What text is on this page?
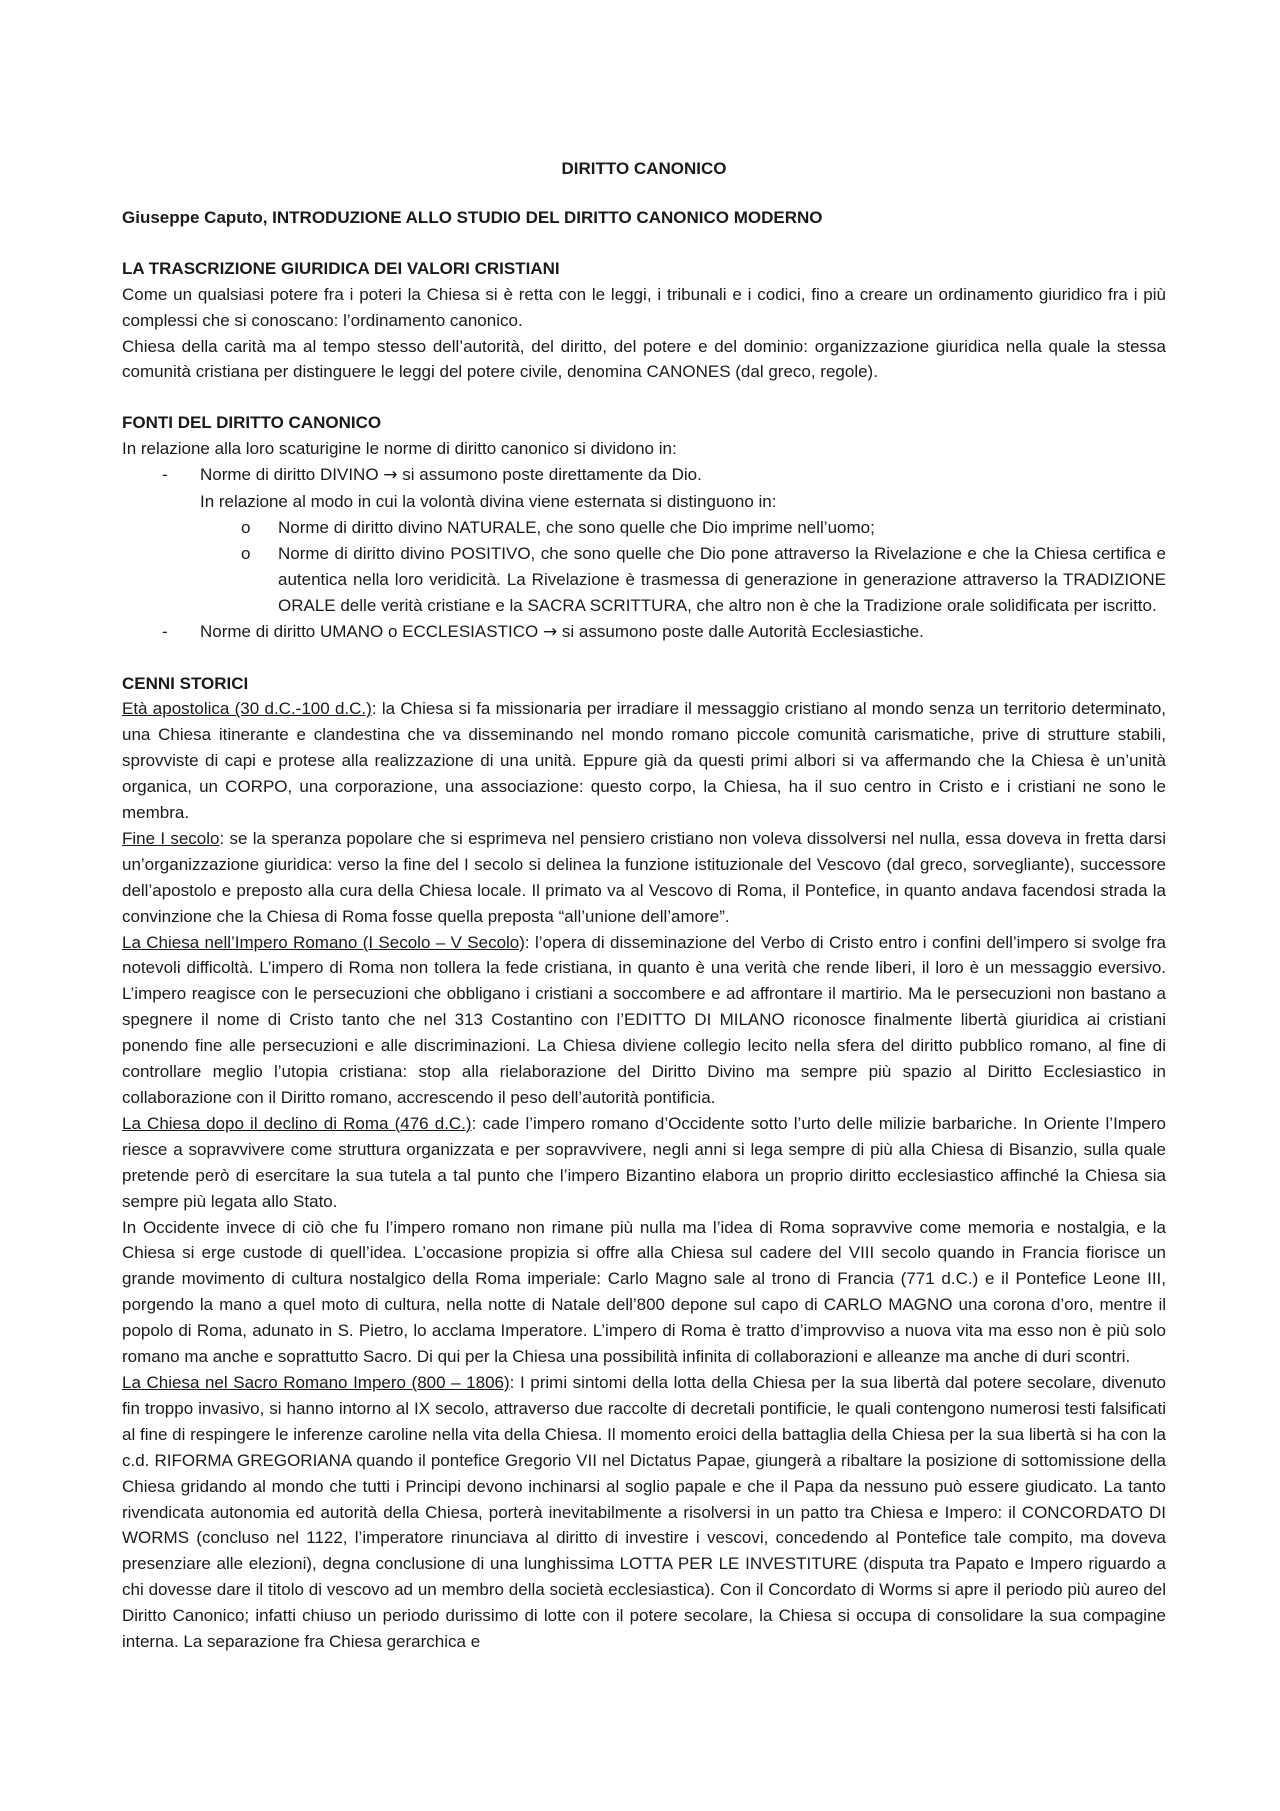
DIRITTO CANONICO
Giuseppe Caputo, INTRODUZIONE ALLO STUDIO DEL DIRITTO CANONICO MODERNO
LA TRASCRIZIONE GIURIDICA DEI VALORI CRISTIANI

Come un qualsiasi potere fra i poteri la Chiesa si è retta con le leggi, i tribunali e i codici, fino a creare un ordinamento giuridico fra i più complessi che si conoscano: l’ordinamento canonico.

Chiesa della carità ma al tempo stesso dell’autorità, del diritto, del potere e del dominio: organizzazione giuridica nella quale la stessa comunità cristiana per distinguere le leggi del potere civile, denomina CANONES (dal greco, regole).

FONTI DEL DIRITTO CANONICO

In relazione alla loro scaturigine le norme di diritto canonico si dividono in:

- Norme di diritto DIVINO → si assumono poste direttamente da Dio.
In relazione al modo in cui la volontà divina viene esternata si distinguono in:
o Norme di diritto divino NATURALE, che sono quelle che Dio imprime nell’uomo;
o Norme di diritto divino POSITIVO, che sono quelle che Dio pone attraverso la Rivelazione e che la Chiesa certifica e autentica nella loro veridicità. La Rivelazione è trasmessa di generazione in generazione attraverso la TRADIZIONE ORALE delle verità cristiane e la SACRA SCRITTURA, che altro non è che la Tradizione orale solidificata per iscritto.
- Norme di diritto UMANO o ECCLESIASTICO → si assumono poste dalle Autorità Ecclesiastiche.
CENNI STORICI

Età apostolica (30 d.C.-100 d.C.): la Chiesa si fa missionaria per irradiare il messaggio cristiano al mondo senza un territorio determinato, una Chiesa itinerante e clandestina che va disseminando nel mondo romano piccole comunità carismatiche, prive di strutture stabili, sprovviste di capi e protese alla realizzazione di una unità. Eppure già da questi primi albori si va affermando che la Chiesa è un’unità organica, un CORPO, una corporazione, una associazione: questo corpo, la Chiesa, ha il suo centro in Cristo e i cristiani ne sono le membra.

Fine I secolo: se la speranza popolare che si esprimeva nel pensiero cristiano non voleva dissolversi nel nulla, essa doveva in fretta darsi un’organizzazione giuridica: verso la fine del I secolo si delinea la funzione istituzionale del Vescovo (dal greco, sorvegliante), successore dell’apostolo e preposto alla cura della Chiesa locale. Il primato va al Vescovo di Roma, il Pontefice, in quanto andava facendosi strada la convinzione che la Chiesa di Roma fosse quella preposta “all’unione dell’amore”.

La Chiesa nell’Impero Romano (I Secolo – V Secolo): l’opera di disseminazione del Verbo di Cristo entro i confini dell’impero si svolge fra notevoli difficoltà. L’impero di Roma non tollera la fede cristiana, in quanto è una verità che rende liberi, il loro è un messaggio eversivo. L’impero reagisce con le persecuzioni che obbligano i cristiani a soccombere e ad affrontare il martirio. Ma le persecuzioni non bastano a spegnere il nome di Cristo tanto che nel 313 Costantino con l’EDITTO DI MILANO riconosce finalmente libertà giuridica ai cristiani ponendo fine alle persecuzioni e alle discriminazioni. La Chiesa diviene collegio lecito nella sfera del diritto pubblico romano, al fine di controllare meglio l’utopia cristiana: stop alla rielaborazione del Diritto Divino ma sempre più spazio al Diritto Ecclesiastico in collaborazione con il Diritto romano, accrescendo il peso dell’autorità pontificia.

La Chiesa dopo il declino di Roma (476 d.C.): cade l’impero romano d’Occidente sotto l’urto delle milizie barbariche. In Oriente l’Impero riesce a sopravvivere come struttura organizzata e per sopravvivere, negli anni si lega sempre di più alla Chiesa di Bisanzio, sulla quale pretende però di esercitare la sua tutela a tal punto che l’impero Bizantino elabora un proprio diritto ecclesiastico affinché la Chiesa sia sempre più legata allo Stato.

In Occidente invece di ciò che fu l’impero romano non rimane più nulla ma l’idea di Roma sopravvive come memoria e nostalgia, e la Chiesa si erge custode di quell’idea. L’occasione propizia si offre alla Chiesa sul cadere del VIII secolo quando in Francia fiorisce un grande movimento di cultura nostalgico della Roma imperiale: Carlo Magno sale al trono di Francia (771 d.C.) e il Pontefice Leone III, porgendo la mano a quel moto di cultura, nella notte di Natale dell’800 depone sul capo di CARLO MAGNO una corona d’oro, mentre il popolo di Roma, adunato in S. Pietro, lo acclama Imperatore. L’impero di Roma è tratto d’improvviso a nuova vita ma esso non è più solo romano ma anche e soprattutto Sacro. Di qui per la Chiesa una possibilità infinita di collaborazioni e alleanze ma anche di duri scontri.

La Chiesa nel Sacro Romano Impero (800 – 1806): I primi sintomi della lotta della Chiesa per la sua libertà dal potere secolare, divenuto fin troppo invasivo, si hanno intorno al IX secolo, attraverso due raccolte di decretali pontificie, le quali contengono numerosi testi falsificati al fine di respingere le inferenze caroline nella vita della Chiesa. Il momento eroici della battaglia della Chiesa per la sua libertà si ha con la c.d. RIFORMA GREGORIANA quando il pontefice Gregorio VII nel Dictatus Papae, giungerà a ribaltare la posizione di sottomissione della Chiesa gridando al mondo che tutti i Principi devono inchinarsi al soglio papale e che il Papa da nessuno può essere giudicato. La tanto rivendicata autonomia ed autorità della Chiesa, porterà inevitabilmente a risolversi in un patto tra Chiesa e Impero: il CONCORDATO DI WORMS (concluso nel 1122, l’imperatore rinunciava al diritto di investire i vescovi, concedendo al Pontefice tale compito, ma doveva presenziare alle elezioni), degna conclusione di una lunghissima LOTTA PER LE INVESTITURE (disputa tra Papato e Impero riguardo a chi dovesse dare il titolo di vescovo ad un membro della società ecclesiastica). Con il Concordato di Worms si apre il periodo più aureo del Diritto Canonico; infatti chiuso un periodo durissimo di lotte con il potere secolare, la Chiesa si occupa di consolidare la sua compagine interna. La separazione fra Chiesa gerarchica e
